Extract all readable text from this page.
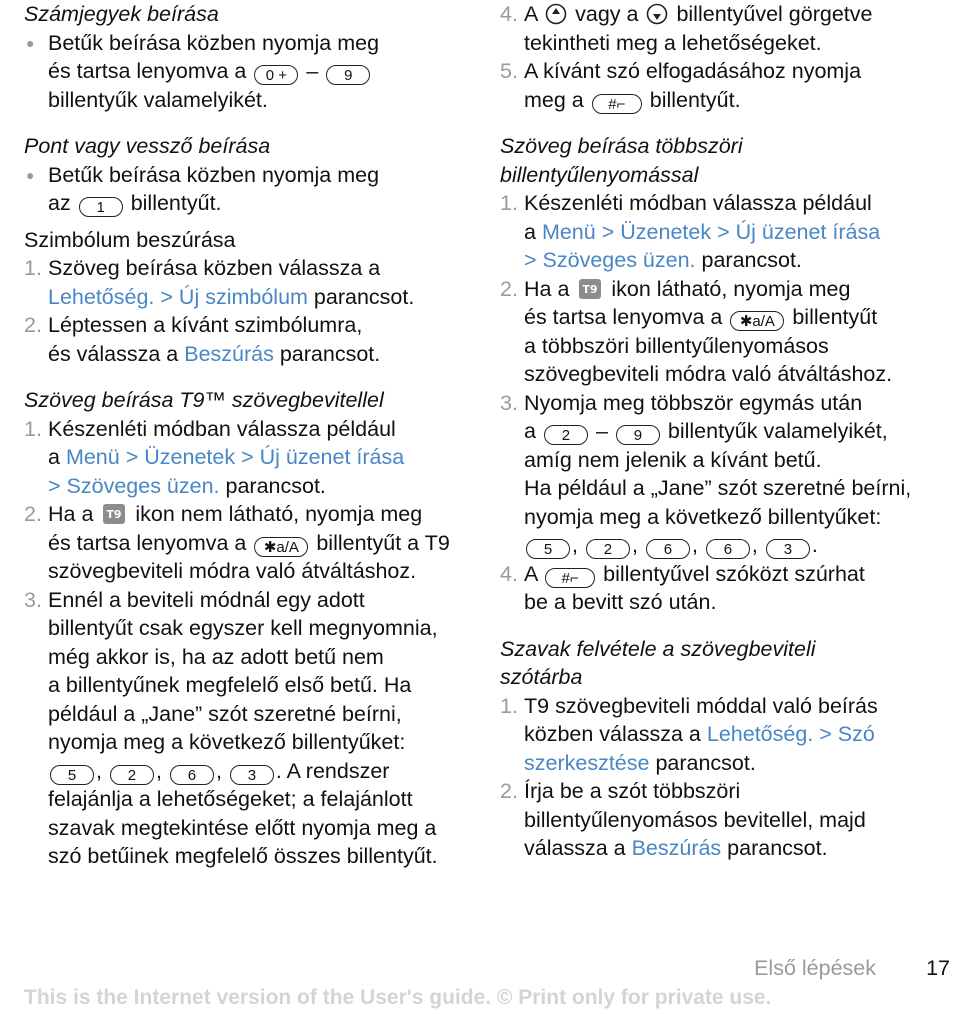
Számjegyek beírása

● Betűk beírása közben nyomja meg

és tartsa lenyomva a 0 + – 9

billentyűk valamelyikét.

Pont vagy vessző beírása

● Betűk beírása közben nyomja meg

az 1 billentyűt.

Szimbólum beszúrása

1. Szöveg beírása közben válassza a

Lehetőség. > Új szimbólum parancsot.

2. Léptessen a kívánt szimbólumra,

és válassza a Beszúrás parancsot.

Szöveg beírása T9™ szövegbevitellel

1. Készenléti módban válassza például

a Menü > Üzenetek > Új üzenet írása

> Szöveges üzen. parancsot.

2. Ha a T9 ikon nem látható, nyomja meg

és tartsa lenyomva a ✱a/A billentyűt a T9

szövegbeviteli módra való átváltáshoz.

3. Ennél a beviteli módnál egy adott

billentyűt csak egyszer kell megnyomnia,

még akkor is, ha az adott betű nem

a billentyűnek megfelelő első betű. Ha

például a „Jane” szót szeretné beírni,

nyomja meg a következő billentyűket:

5 , 2 , 6 , 3 . A rendszer

felajánlja a lehetőségeket; a felajánlott

szavak megtekintése előtt nyomja meg a

szó betűinek megfelelő összes billentyűt.

4. A vagy a billentyűvel görgetve

tekintheti meg a lehetőségeket.

5. A kívánt szó elfogadásához nyomja

meg a #⌐ billentyűt.

Szöveg beírása többszöri

billentyűlenyomással

1. Készenléti módban válassza például

a Menü > Üzenetek > Új üzenet írása

> Szöveges üzen. parancsot.

2. Ha a T9 ikon látható, nyomja meg

és tartsa lenyomva a ✱a/A billentyűt

a többszöri billentyűlenyomásos

szövegbeviteli módra való átváltáshoz.

3. Nyomja meg többször egymás után

a 2 – 9 billentyűk valamelyikét,

amíg nem jelenik a kívánt betű.

Ha például a „Jane” szót szeretné beírni,

nyomja meg a következő billentyűket:

5 , 2 , 6 , 6 , 3 .

4. A #⌐ billentyűvel szóközt szúrhat

be a bevitt szó után.

Szavak felvétele a szövegbeviteli

szótárba

1. T9 szövegbeviteli móddal való beírás

közben válassza a Lehetőség. > Szó

szerkesztése parancsot.

2. Írja be a szót többszöri

billentyűlenyomásos bevitellel, majd

válassza a Beszúrás parancsot.

Első lépések 17
This is the Internet version of the User's guide. © Print only for private use.
